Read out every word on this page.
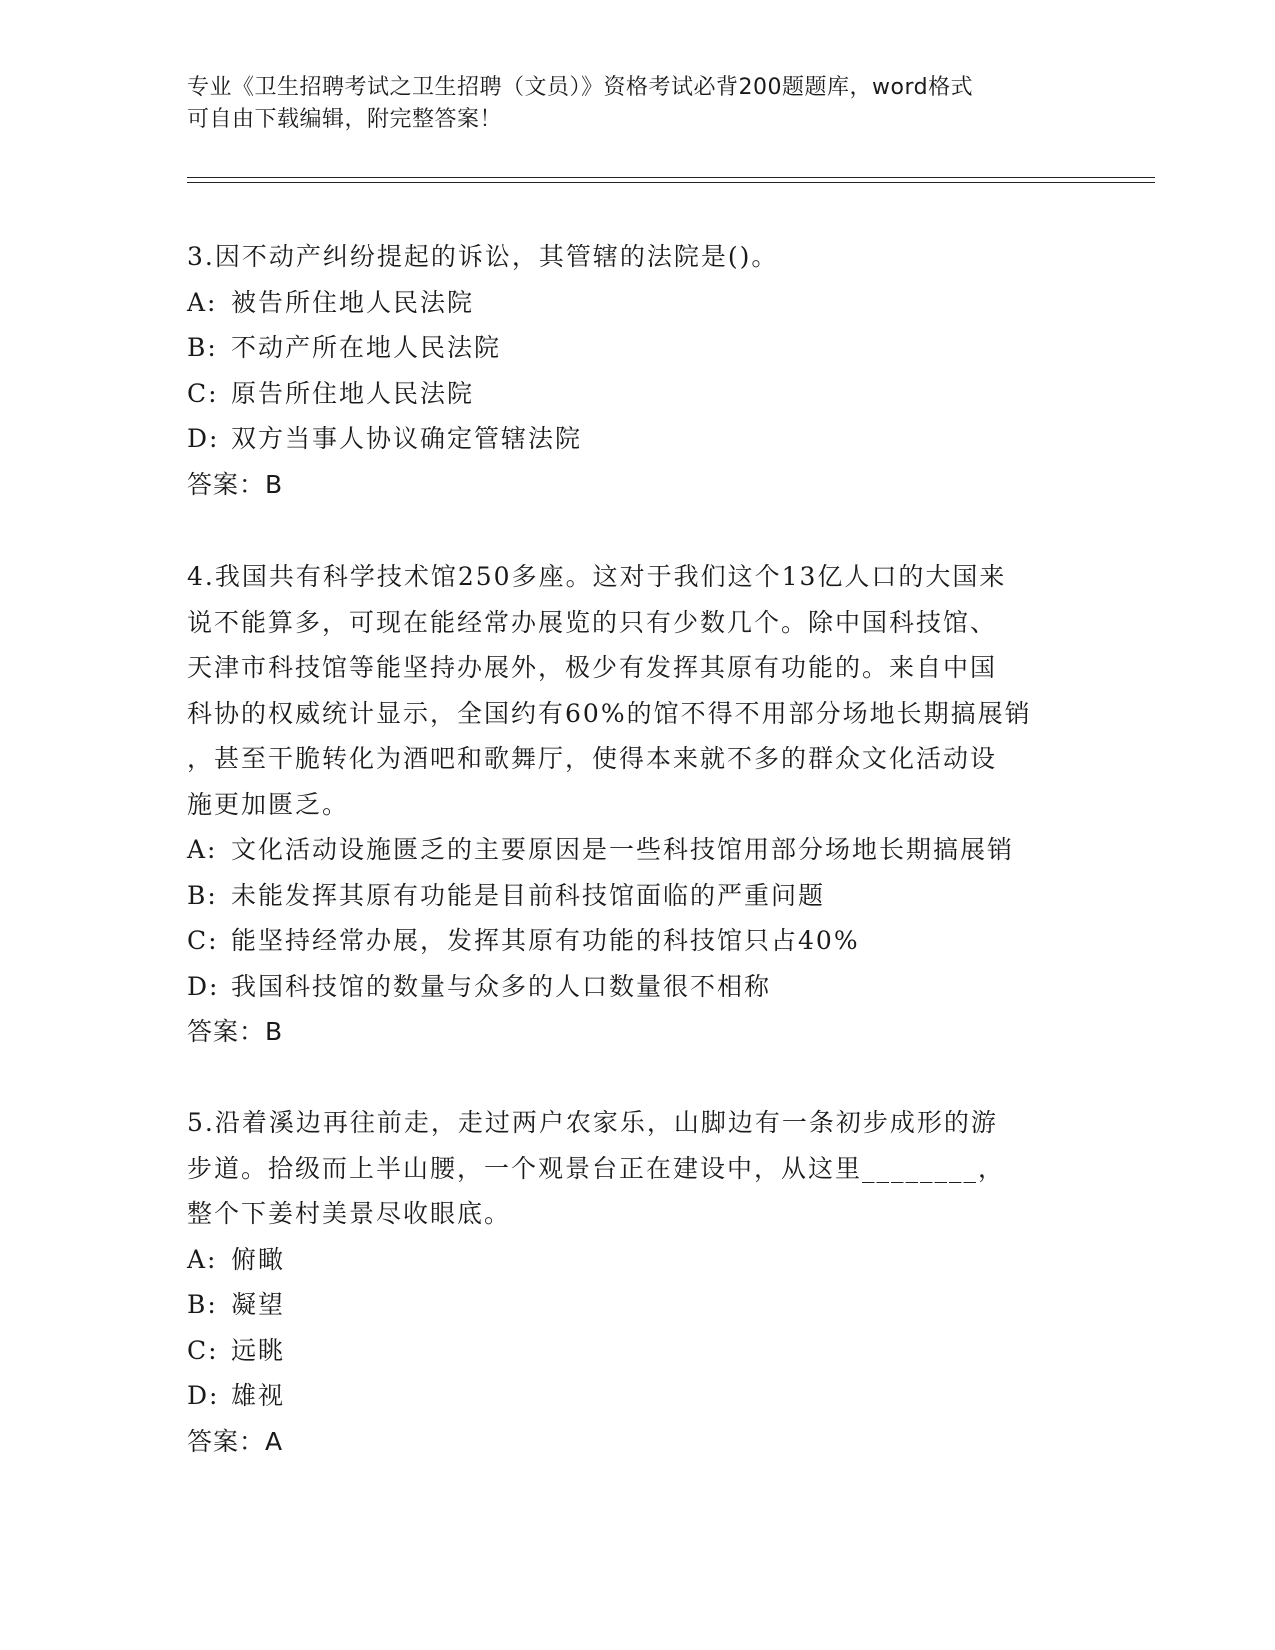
专业《卫生招聘考试之卫生招聘（文员）》资格考试必背200题题库，word格式
可自由下载编辑，附完整答案！

3.因不动产纠纷提起的诉讼，其管辖的法院是()。

A: 被告所住地人民法院

B: 不动产所在地人民法院

C: 原告所住地人民法院

D: 双方当事人协议确定管辖法院

答案：B

4.我国共有科学技术馆250多座。这对于我们这个13亿人口的大国来

说不能算多，可现在能经常办展览的只有少数几个。除中国科技馆、

天津市科技馆等能坚持办展外，极少有发挥其原有功能的。来自中国

科协的权威统计显示，全国约有60%的馆不得不用部分场地长期搞展销

，甚至干脆转化为酒吧和歌舞厅，使得本来就不多的群众文化活动设

施更加匮乏。

A: 文化活动设施匮乏的主要原因是一些科技馆用部分场地长期搞展销

B: 未能发挥其原有功能是目前科技馆面临的严重问题

C: 能坚持经常办展，发挥其原有功能的科技馆只占40%

D: 我国科技馆的数量与众多的人口数量很不相称

答案：B

5.沿着溪边再往前走，走过两户农家乐，山脚边有一条初步成形的游

步道。拾级而上半山腰，一个观景台正在建设中，从这里________，

整个下姜村美景尽收眼底。

A: 俯瞰

B: 凝望

C: 远眺

D: 雄视

答案：A
